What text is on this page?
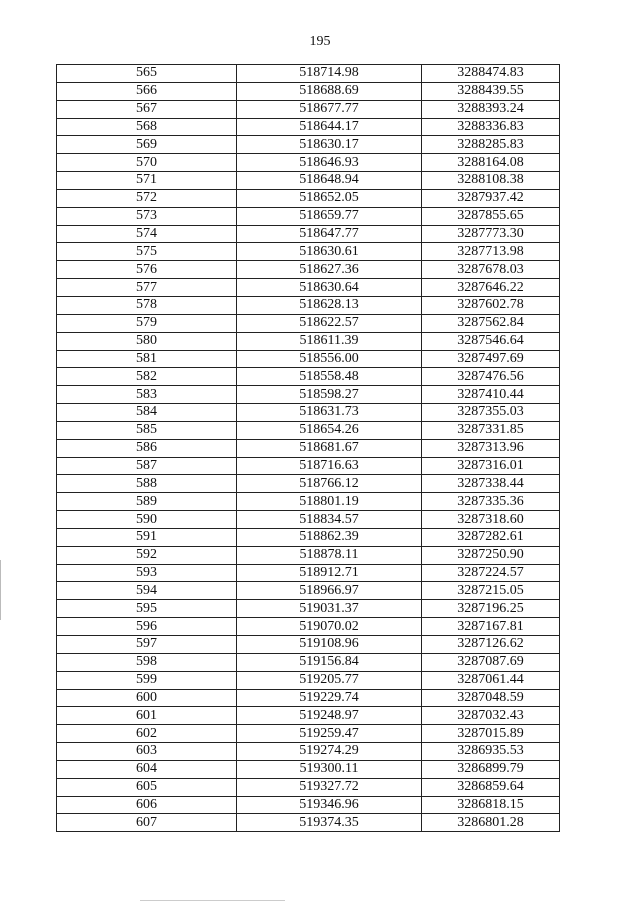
195
565	518714.98	3288474.83
566	518688.69	3288439.55
567	518677.77	3288393.24
568	518644.17	3288336.83
569	518630.17	3288285.83
570	518646.93	3288164.08
571	518648.94	3288108.38
572	518652.05	3287937.42
573	518659.77	3287855.65
574	518647.77	3287773.30
575	518630.61	3287713.98
576	518627.36	3287678.03
577	518630.64	3287646.22
578	518628.13	3287602.78
579	518622.57	3287562.84
580	518611.39	3287546.64
581	518556.00	3287497.69
582	518558.48	3287476.56
583	518598.27	3287410.44
584	518631.73	3287355.03
585	518654.26	3287331.85
586	518681.67	3287313.96
587	518716.63	3287316.01
588	518766.12	3287338.44
589	518801.19	3287335.36
590	518834.57	3287318.60
591	518862.39	3287282.61
592	518878.11	3287250.90
593	518912.71	3287224.57
594	518966.97	3287215.05
595	519031.37	3287196.25
596	519070.02	3287167.81
597	519108.96	3287126.62
598	519156.84	3287087.69
599	519205.77	3287061.44
600	519229.74	3287048.59
601	519248.97	3287032.43
602	519259.47	3287015.89
603	519274.29	3286935.53
604	519300.11	3286899.79
605	519327.72	3286859.64
606	519346.96	3286818.15
607	519374.35	3286801.28
